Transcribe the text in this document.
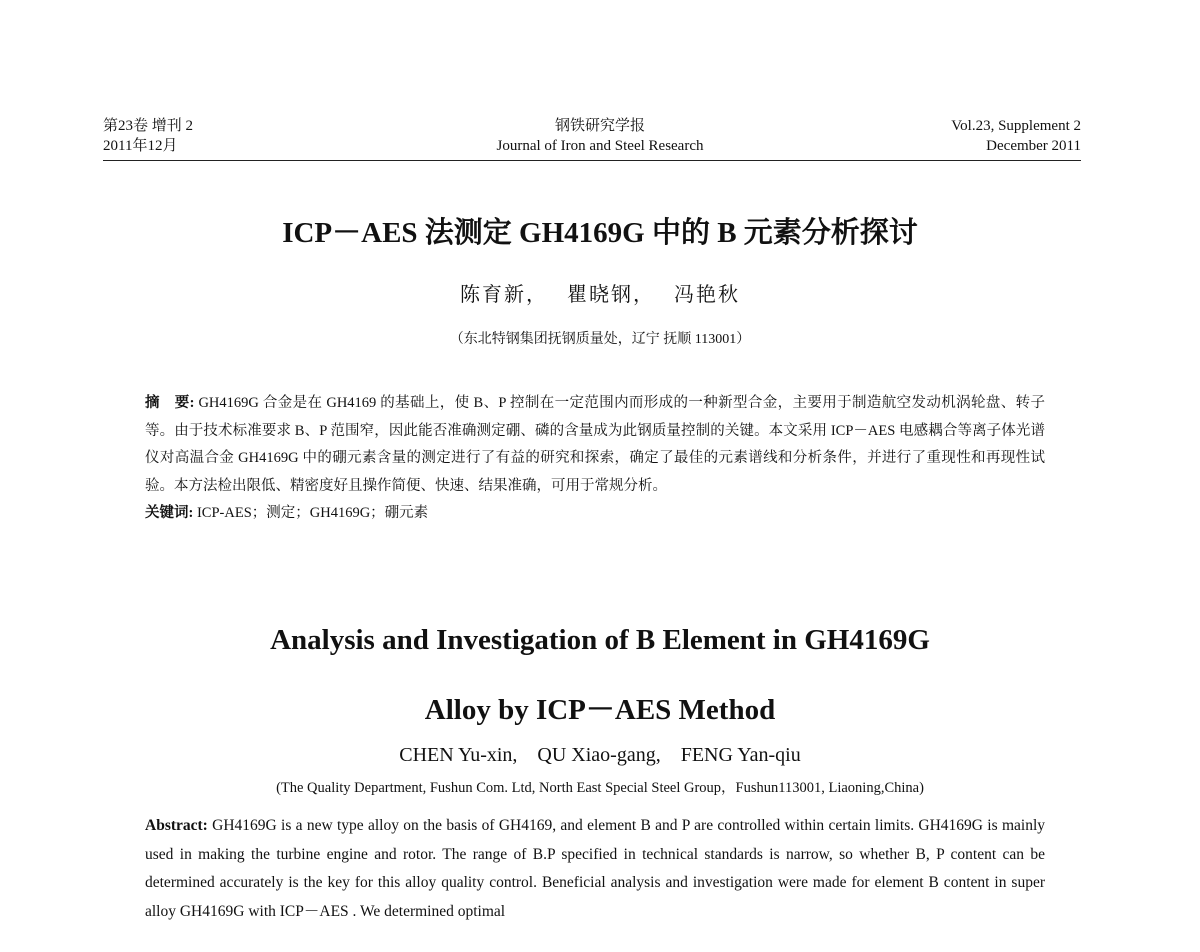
第23卷 增刊 2
2011年12月
钢铁研究学报
Journal of Iron and Steel Research
Vol.23, Supplement 2
December 2011
ICP－AES 法测定 GH4169G 中的 B 元素分析探讨
陈育新，　 瞿晓钢，　 冯艳秋
（东北特钢集团抚钢质量处，辽宁 抚顺 113001）
摘　要: GH4169G 合金是在 GH4169 的基础上，使 B、P 控制在一定范围内而形成的一种新型合金，主要用于制造航空发动机涡轮盘、转子等。由于技术标准要求 B、P 范围窄，因此能否准确测定硼、磷的含量成为此钢质量控制的关键。本文采用 ICP－AES 电感耦合等离子体光谱仪对高温合金 GH4169G 中的硼元素含量的测定进行了有益的研究和探索，确定了最佳的元素谱线和分析条件，并进行了重现性和再现性试验。本方法检出限低、精密度好且操作简便、快速、结果准确，可用于常规分析。
关键词: ICP-AES；测定；GH4169G；硼元素
Analysis and Investigation of B Element in GH4169G
Alloy by ICP－AES Method
CHEN Yu-xin,　QU Xiao-gang,　FENG Yan-qiu
(The Quality Department, Fushun Com. Ltd, North East Special Steel Group，Fushun113001, Liaoning,China)
Abstract: GH4169G is a new type alloy on the basis of GH4169, and element B and P are controlled within certain limits. GH4169G is mainly used in making the turbine engine and rotor. The range of B.P specified in technical standards is narrow, so whether B, P content can be determined accurately is the key for this alloy quality control. Beneficial analysis and investigation were made for element B content in super alloy GH4169G with ICP－AES . We determined optimal
